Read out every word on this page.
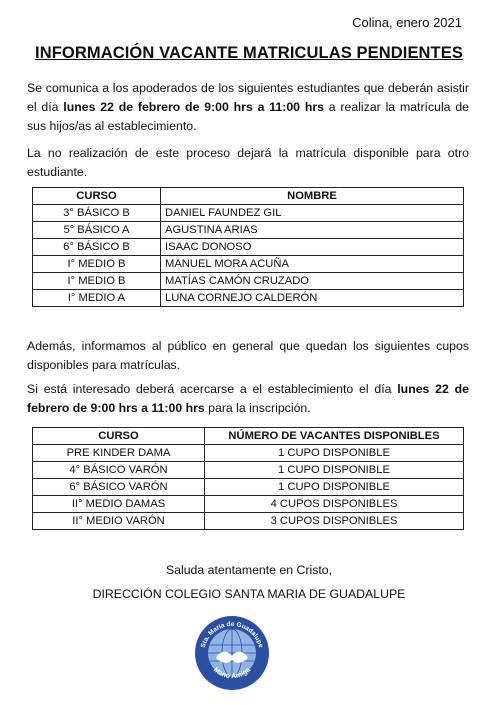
Colina, enero 2021
INFORMACIÓN VACANTE MATRICULAS PENDIENTES
Se comunica a los apoderados de los siguientes estudiantes que deberán asistir el día lunes 22 de febrero de 9:00 hrs a 11:00 hrs a realizar la matrícula de sus hijos/as al establecimiento.
La no realización de este proceso dejará la matrícula disponible para otro estudiante.
CURSO	NOMBRE
3° BÁSICO B	DANIEL FAUNDEZ GIL
5° BÁSICO A	AGUSTINA ARIAS
6° BÁSICO B	ISAAC DONOSO
I° MEDIO B	MANUEL MORA ACUÑA
I° MEDIO B	MATÍAS CAMÓN CRUZADO
I° MEDIO A	LUNA CORNEJO CALDERÓN
Además, informamos al público en general que quedan los siguientes cupos disponibles para matrículas.
Si está interesado deberá acercarse a el establecimiento el día lunes 22 de febrero de 9:00 hrs a 11:00 hrs para la inscripción.
CURSO	NÚMERO DE VACANTES DISPONIBLES
PRE KINDER DAMA	1 CUPO DISPONIBLE
4° BÁSICO VARÓN	1 CUPO DISPONIBLE
6° BÁSICO VARÓN	1 CUPO DISPONIBLE
II° MEDIO DAMAS	4 CUPOS DISPONIBLES
II° MEDIO VARÓN	3 CUPOS DISPONIBLES
Saluda atentamente en Cristo,
DIRECCIÓN COLEGIO SANTA MARIA DE GUADALUPE
Sta. Maria de Guadalupe
Mano Amiga
